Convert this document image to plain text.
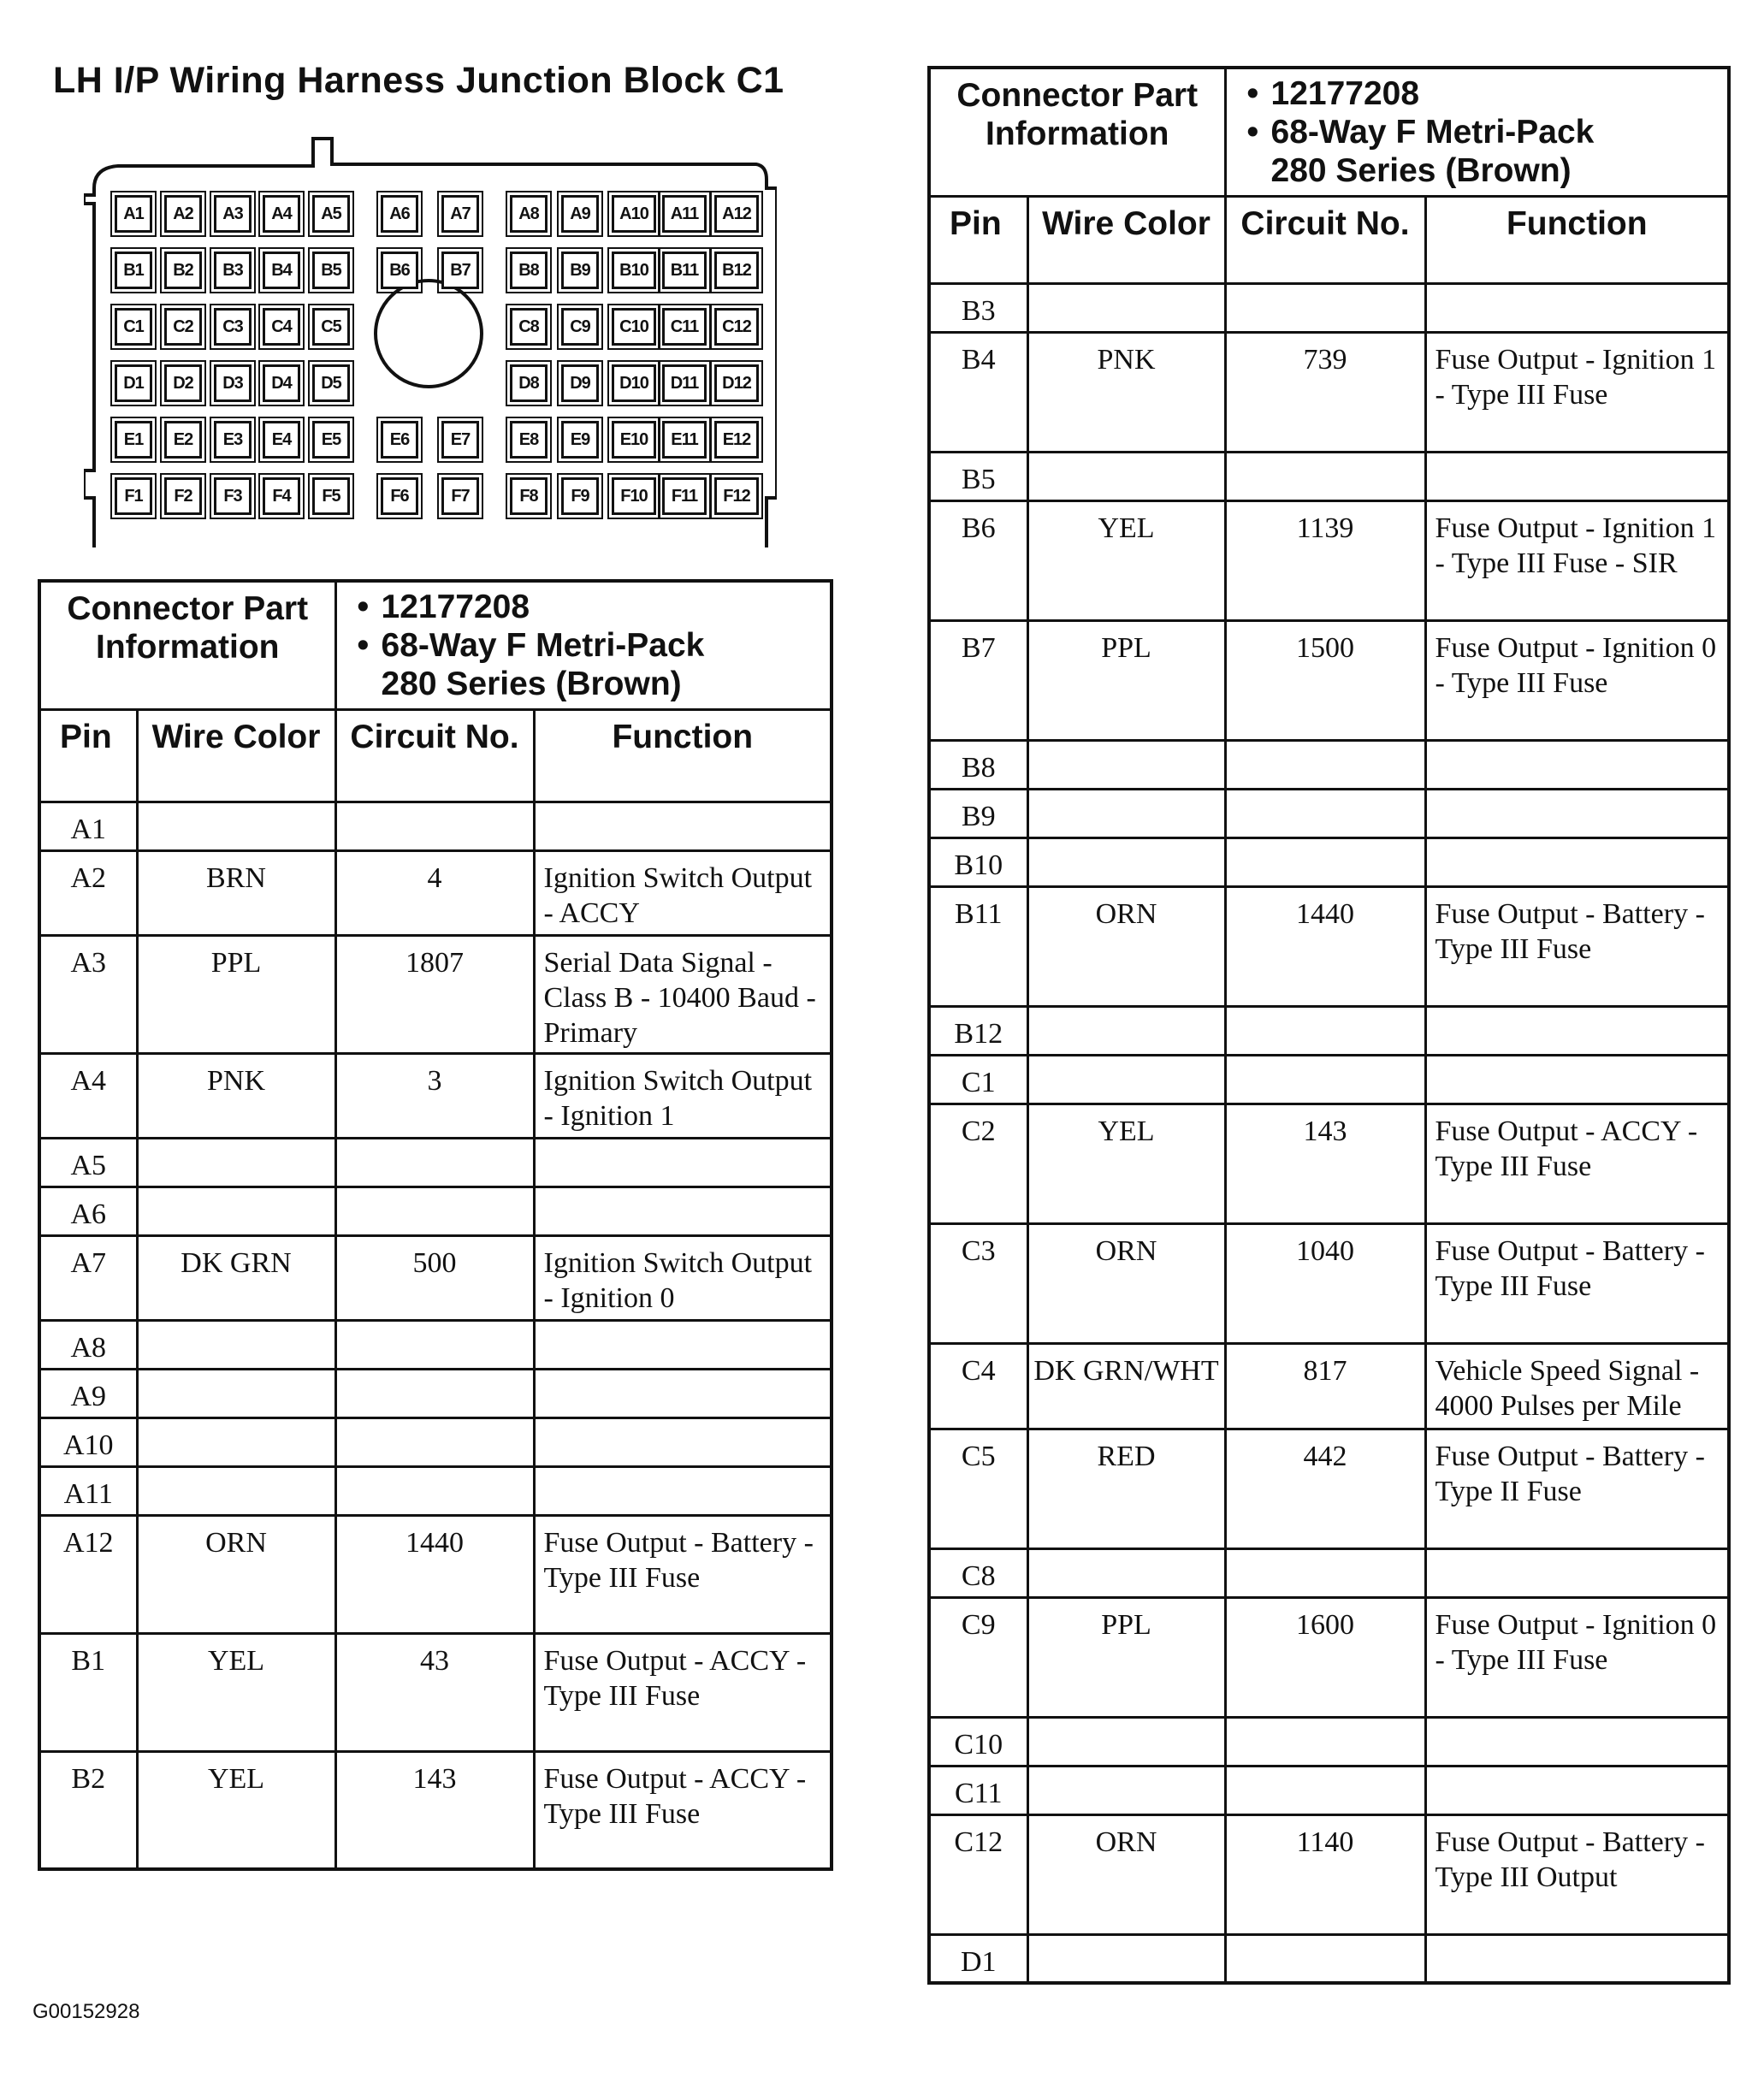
LH I/P Wiring Harness Junction Block C1
A1	A2	A3	A4	A5	A6	A7	A8	A9	A10	A11	A12
B1	B2	B3	B4	B5	B6	B7	B8	B9	B10	B11	B12
C1	C2	C3	C4	C5	C8	C9	C10	C11	C12
D1	D2	D3	D4	D5	D8	D9	D10	D11	D12
E1	E2	E3	E4	E5	E6	E7	E8	E9	E10	E11	E12
F1	F2	F3	F4	F5	F6	F7	F8	F9	F10	F11	F12
Connector Part Information		• 12177208
• 68-Way F Metri-Pack
280 Series (Brown)

Pin	Wire Color	Circuit No.	Function
A1			
A2	BRN	4	Ignition Switch Output - ACCY
A3	PPL	1807	Serial Data Signal - Class B - 10400 Baud - Primary
A4	PNK	3	Ignition Switch Output - Ignition 1
A5			
A6			
A7	DK GRN	500	Ignition Switch Output - Ignition 0
A8			
A9			
A10			
A11			
A12	ORN	1440	Fuse Output - Battery - Type III Fuse
B1	YEL	43	Fuse Output - ACCY - Type III Fuse
B2	YEL	143	Fuse Output - ACCY - Type III Fuse
Connector Part Information		• 12177208
• 68-Way F Metri-Pack
280 Series (Brown)

Pin	Wire Color	Circuit No.	Function
B3			
B4	PNK	739	Fuse Output - Ignition 1 - Type III Fuse
B5			
B6	YEL	1139	Fuse Output - Ignition 1 - Type III Fuse - SIR
B7	PPL	1500	Fuse Output - Ignition 0 - Type III Fuse
B8			
B9			
B10			
B11	ORN	1440	Fuse Output - Battery - Type III Fuse
B12			
C1			
C2	YEL	143	Fuse Output - ACCY - Type III Fuse
C3	ORN	1040	Fuse Output - Battery - Type III Fuse
C4	DK GRN/WHT	817	Vehicle Speed Signal - 4000 Pulses per Mile
C5	RED	442	Fuse Output - Battery - Type II Fuse
C8			
C9	PPL	1600	Fuse Output - Ignition 0 - Type III Fuse
C10			
C11			
C12	ORN	1140	Fuse Output - Battery - Type III Output
D1			
G00152928
